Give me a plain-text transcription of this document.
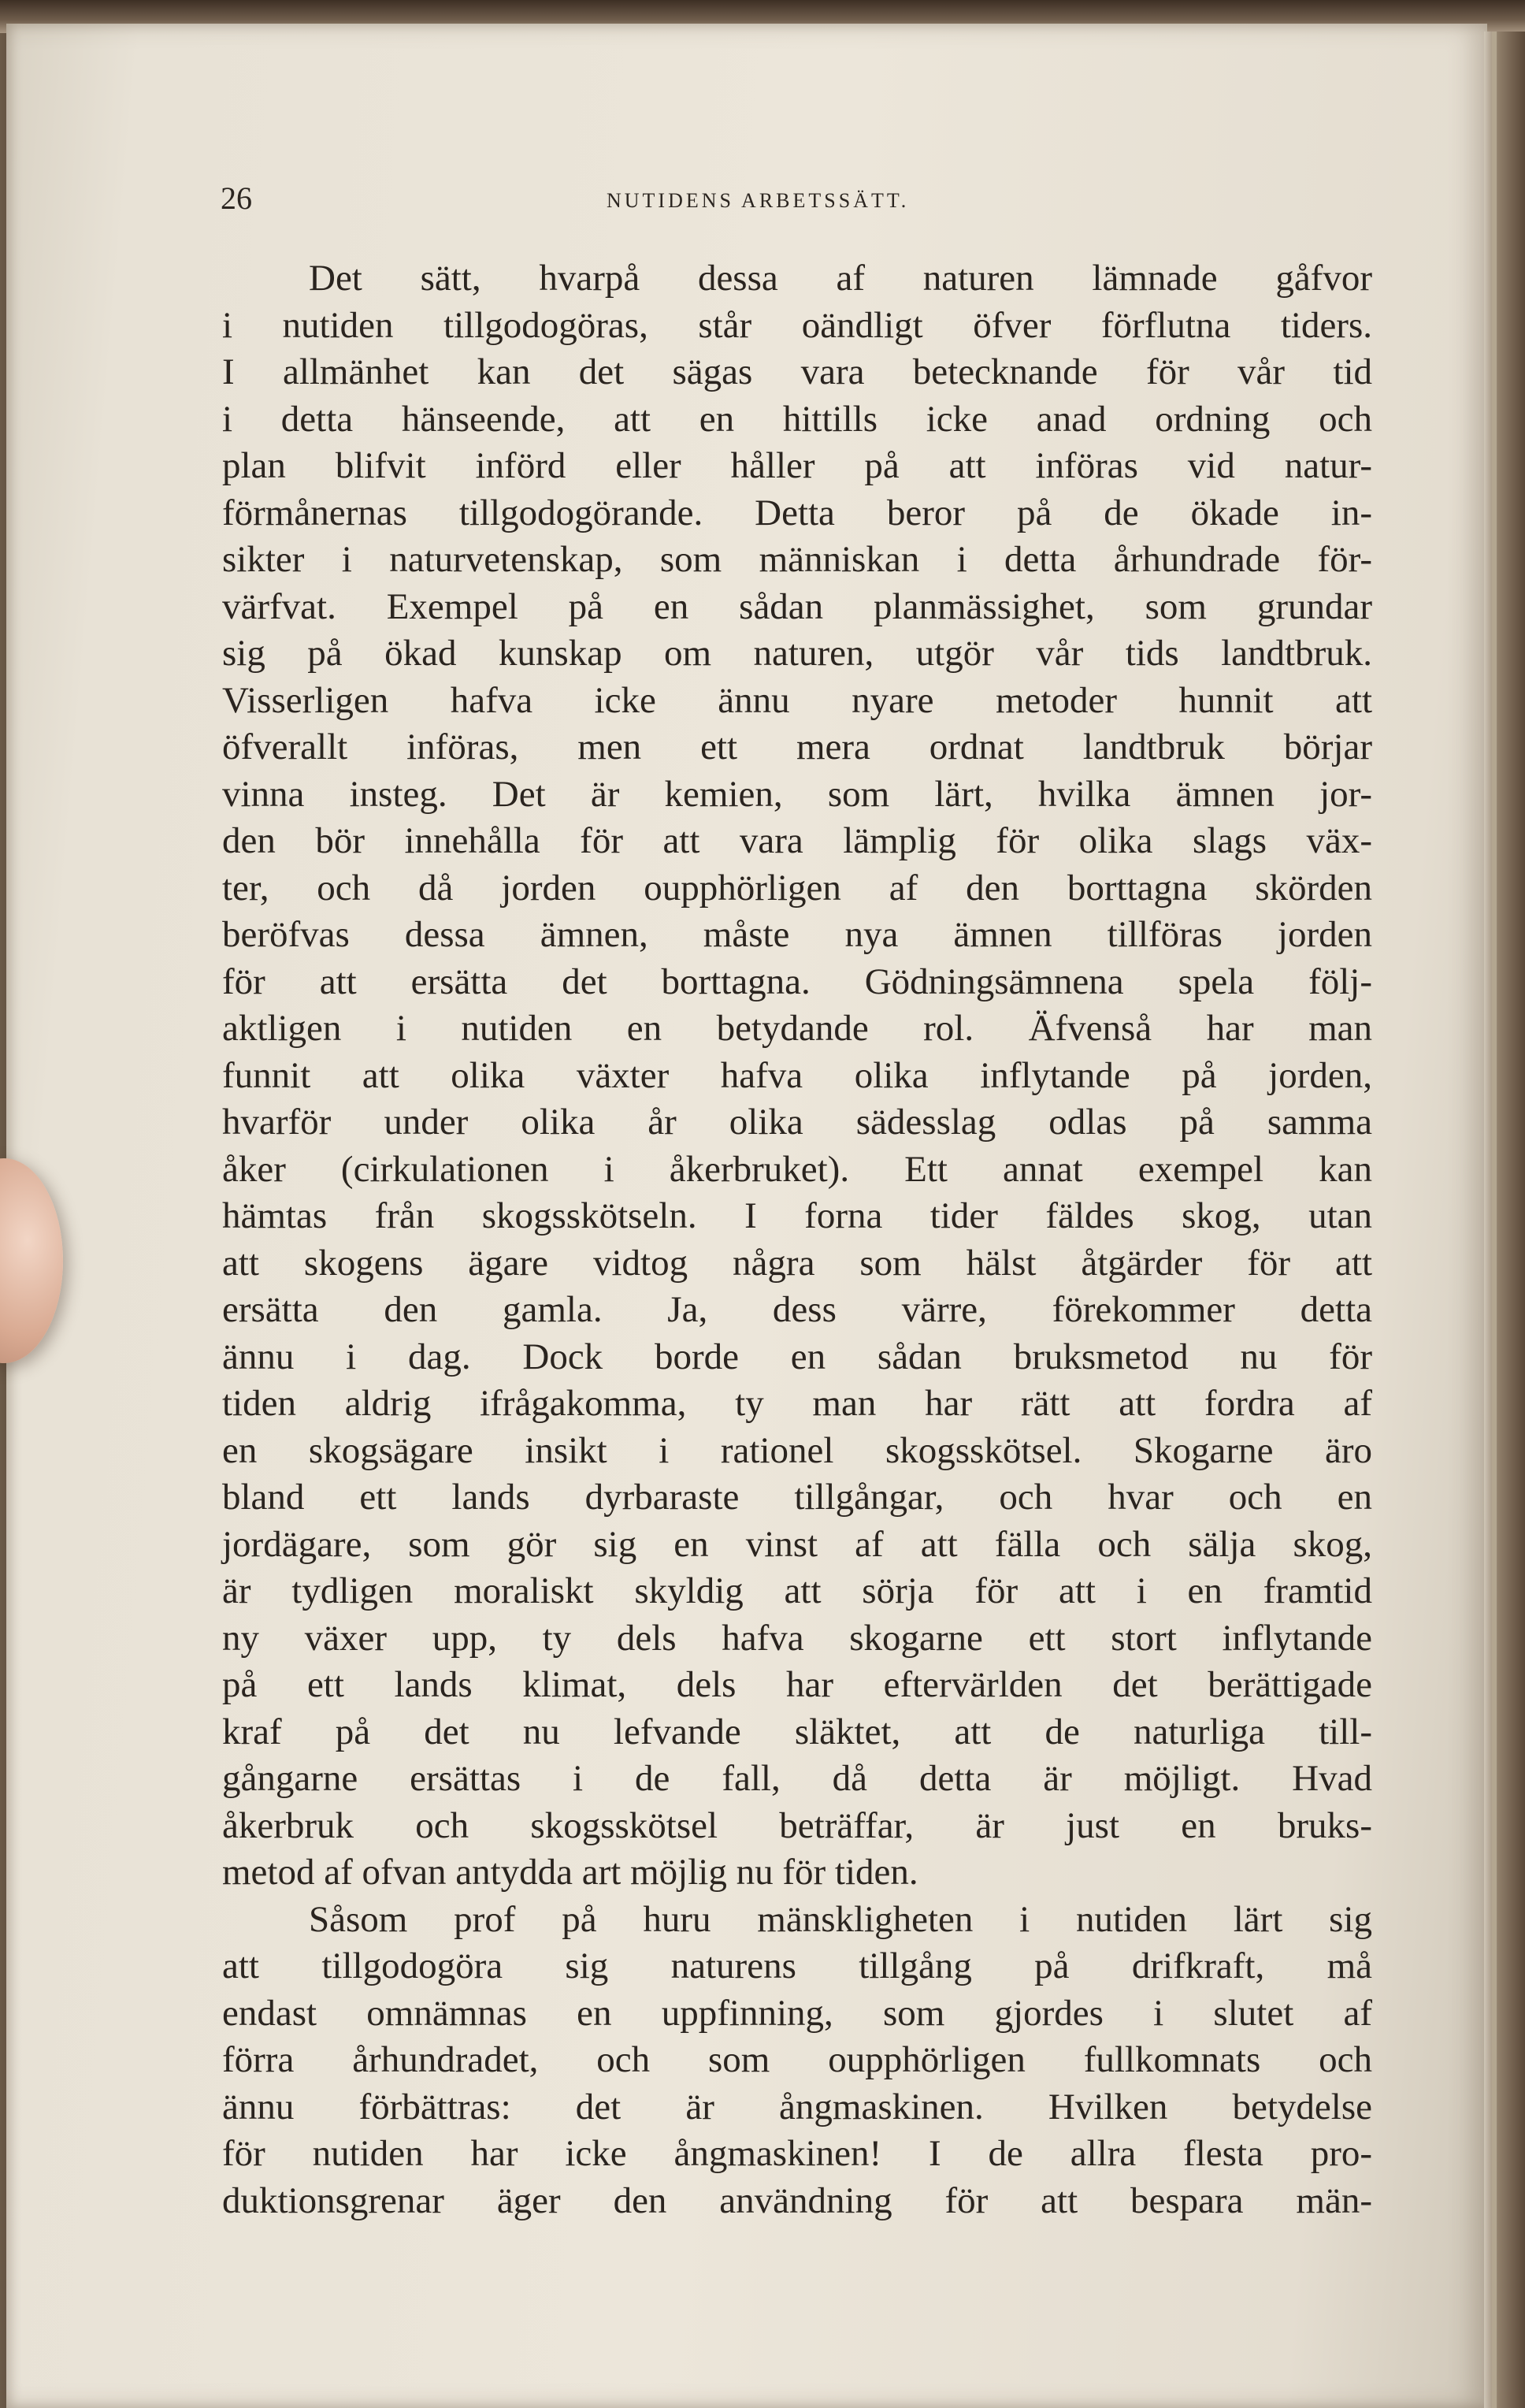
26	NUTIDENS ARBETSSÄTT.
Det sätt, hvarpå dessa af naturen lämnade gåfvor
i nutiden tillgodogöras, står oändligt öfver förflutna tiders.
I allmänhet kan det sägas vara betecknande för vår tid
i detta hänseende, att en hittills icke anad ordning och
plan blifvit införd eller håller på att införas vid natur-
förmånernas tillgodogörande. Detta beror på de ökade in-
sikter i naturvetenskap, som människan i detta århundrade för-
värfvat. Exempel på en sådan planmässighet, som grundar
sig på ökad kunskap om naturen, utgör vår tids landtbruk.
Visserligen hafva icke ännu nyare metoder hunnit att
öfverallt införas, men ett mera ordnat landtbruk börjar
vinna insteg. Det är kemien, som lärt, hvilka ämnen jor-
den bör innehålla för att vara lämplig för olika slags väx-
ter, och då jorden oupphörligen af den borttagna skörden
beröfvas dessa ämnen, måste nya ämnen tillföras jorden
för att ersätta det borttagna. Gödningsämnena spela följ-
aktligen i nutiden en betydande rol. Äfvenså har man
funnit att olika växter hafva olika inflytande på jorden,
hvarför under olika år olika sädesslag odlas på samma
åker (cirkulationen i åkerbruket). Ett annat exempel kan
hämtas från skogsskötseln. I forna tider fäldes skog, utan
att skogens ägare vidtog några som hälst åtgärder för att
ersätta den gamla. Ja, dess värre, förekommer detta
ännu i dag. Dock borde en sådan bruksmetod nu för
tiden aldrig ifrågakomma, ty man har rätt att fordra af
en skogsägare insikt i rationel skogsskötsel. Skogarne äro
bland ett lands dyrbaraste tillgångar, och hvar och en
jordägare, som gör sig en vinst af att fälla och sälja skog,
är tydligen moraliskt skyldig att sörja för att i en framtid
ny växer upp, ty dels hafva skogarne ett stort inflytande
på ett lands klimat, dels har eftervärlden det berättigade
kraf på det nu lefvande släktet, att de naturliga till-
gångarne ersättas i de fall, då detta är möjligt. Hvad
åkerbruk och skogsskötsel beträffar, är just en bruks-
metod af ofvan antydda art möjlig nu för tiden.
Såsom prof på huru mänskligheten i nutiden lärt sig
att tillgodogöra sig naturens tillgång på drifkraft, må
endast omnämnas en uppfinning, som gjordes i slutet af
förra århundradet, och som oupphörligen fullkomnats och
ännu förbättras: det är ångmaskinen. Hvilken betydelse
för nutiden har icke ångmaskinen! I de allra flesta pro-
duktionsgrenar äger den användning för att bespara män-
